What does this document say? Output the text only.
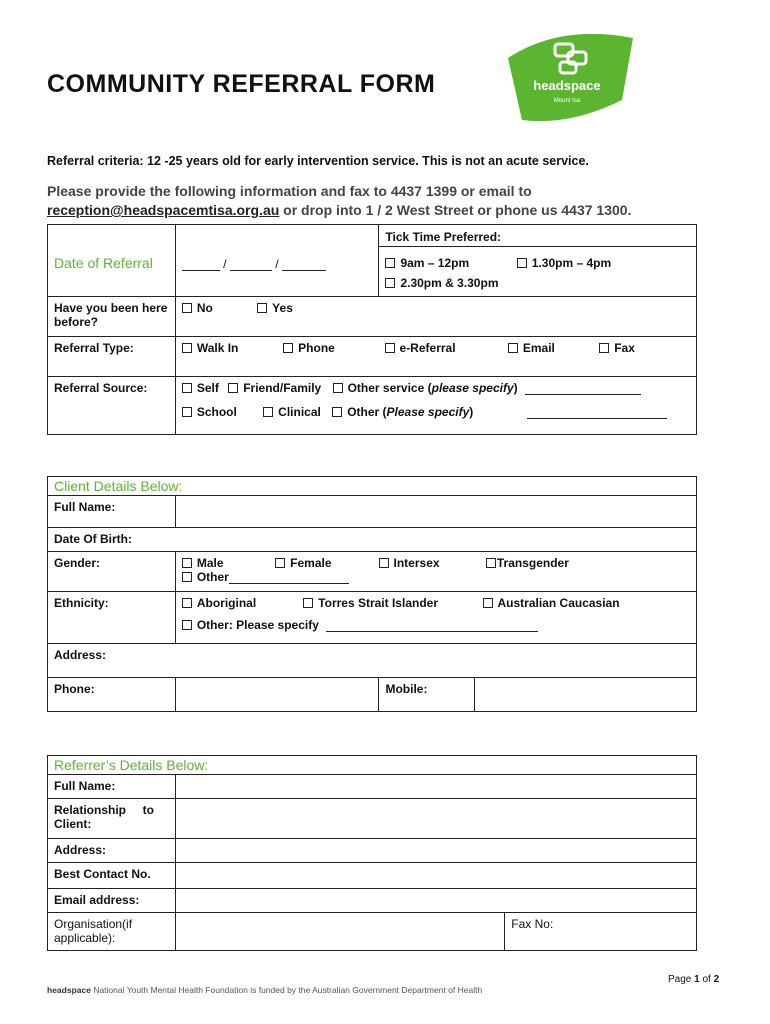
COMMUNITY REFERRAL FORM	headspace
Mount Isa
Referral criteria: 12 -25 years old for early intervention service. This is not an acute service.
Please provide the following information and fax to 4437 1399 or email to
reception@headspacemtisa.org.au or drop into 1 / 2 West Street or phone us 4437 1300.
Date of Referral	/ /	Tick Time Preferred:
9am – 12pm 1.30pm – 4pm
2.30pm & 3.30pm

Have you been here before?	No Yes	
Referral Type:	Walk In Phone e-Referral Email Fax	
Referral Source:	Self Friend/Family Other service (please specify)
School Clinical Other (Please specify)	
Client Details Below:			
Full Name:			
Date Of Birth:			
Gender:	Male Female Intersex Transgender
Other		

Ethnicity:	Aboriginal Torres Strait Islander Australian Caucasian
Other: Please specify		

Address:			
Phone:		Mobile:	
Referrer’s Details Below:		
Full Name:		
Relationship     to Client:		
Address:		
Best Contact No.		
Email address:		
Organisation(if applicable):		Fax No:
Page 1 of 2
headspace National Youth Mental Health Foundation is funded by the Australian Government Department of Health
